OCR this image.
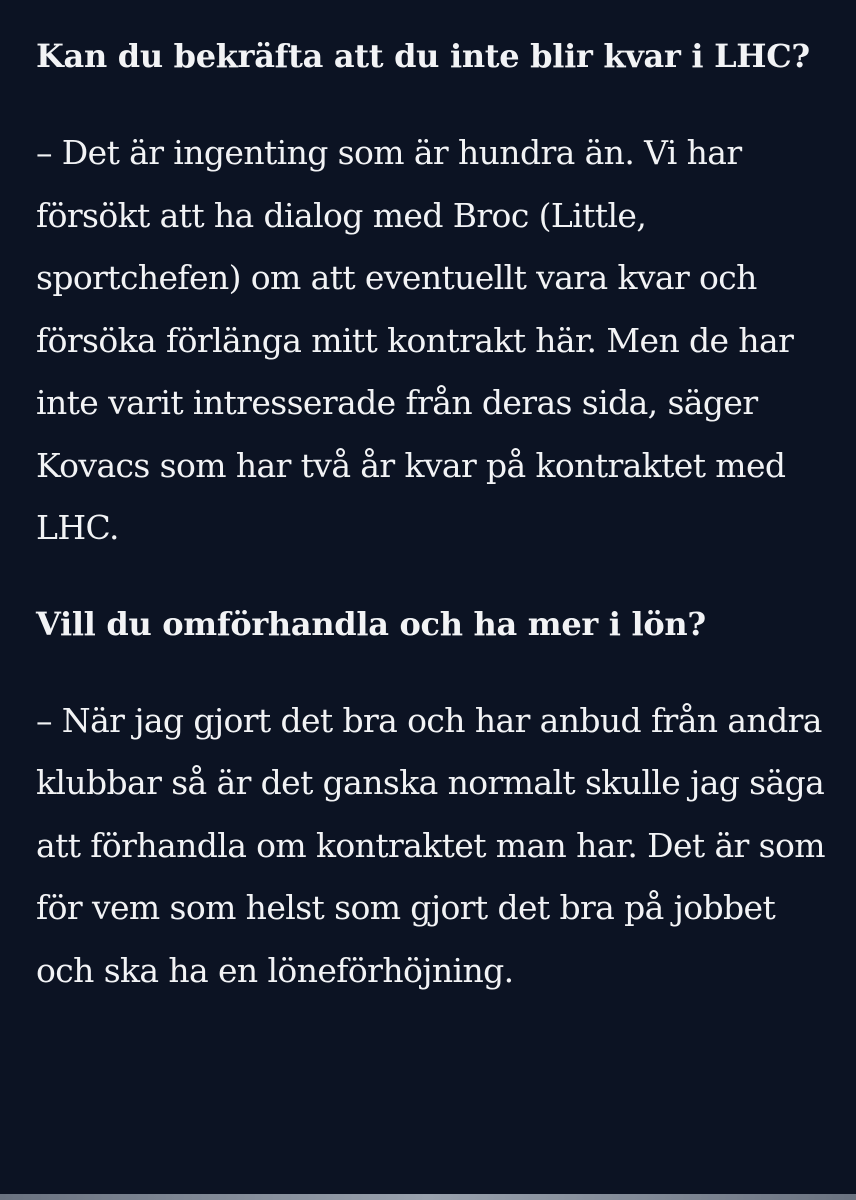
Kan du bekräfta att du inte blir kvar i LHC?

– Det är ingenting som är hundra än. Vi har försökt att ha dialog med Broc (Little, sportchefen) om att eventuellt vara kvar och försöka förlänga mitt kontrakt här. Men de har inte varit intresserade från deras sida, säger Kovacs som har två år kvar på kontraktet med LHC.

Vill du omförhandla och ha mer i lön?

– När jag gjort det bra och har anbud från andra klubbar så är det ganska normalt skulle jag säga att förhandla om kontraktet man har. Det är som för vem som helst som gjort det bra på jobbet och ska ha en löneförhöjning.
